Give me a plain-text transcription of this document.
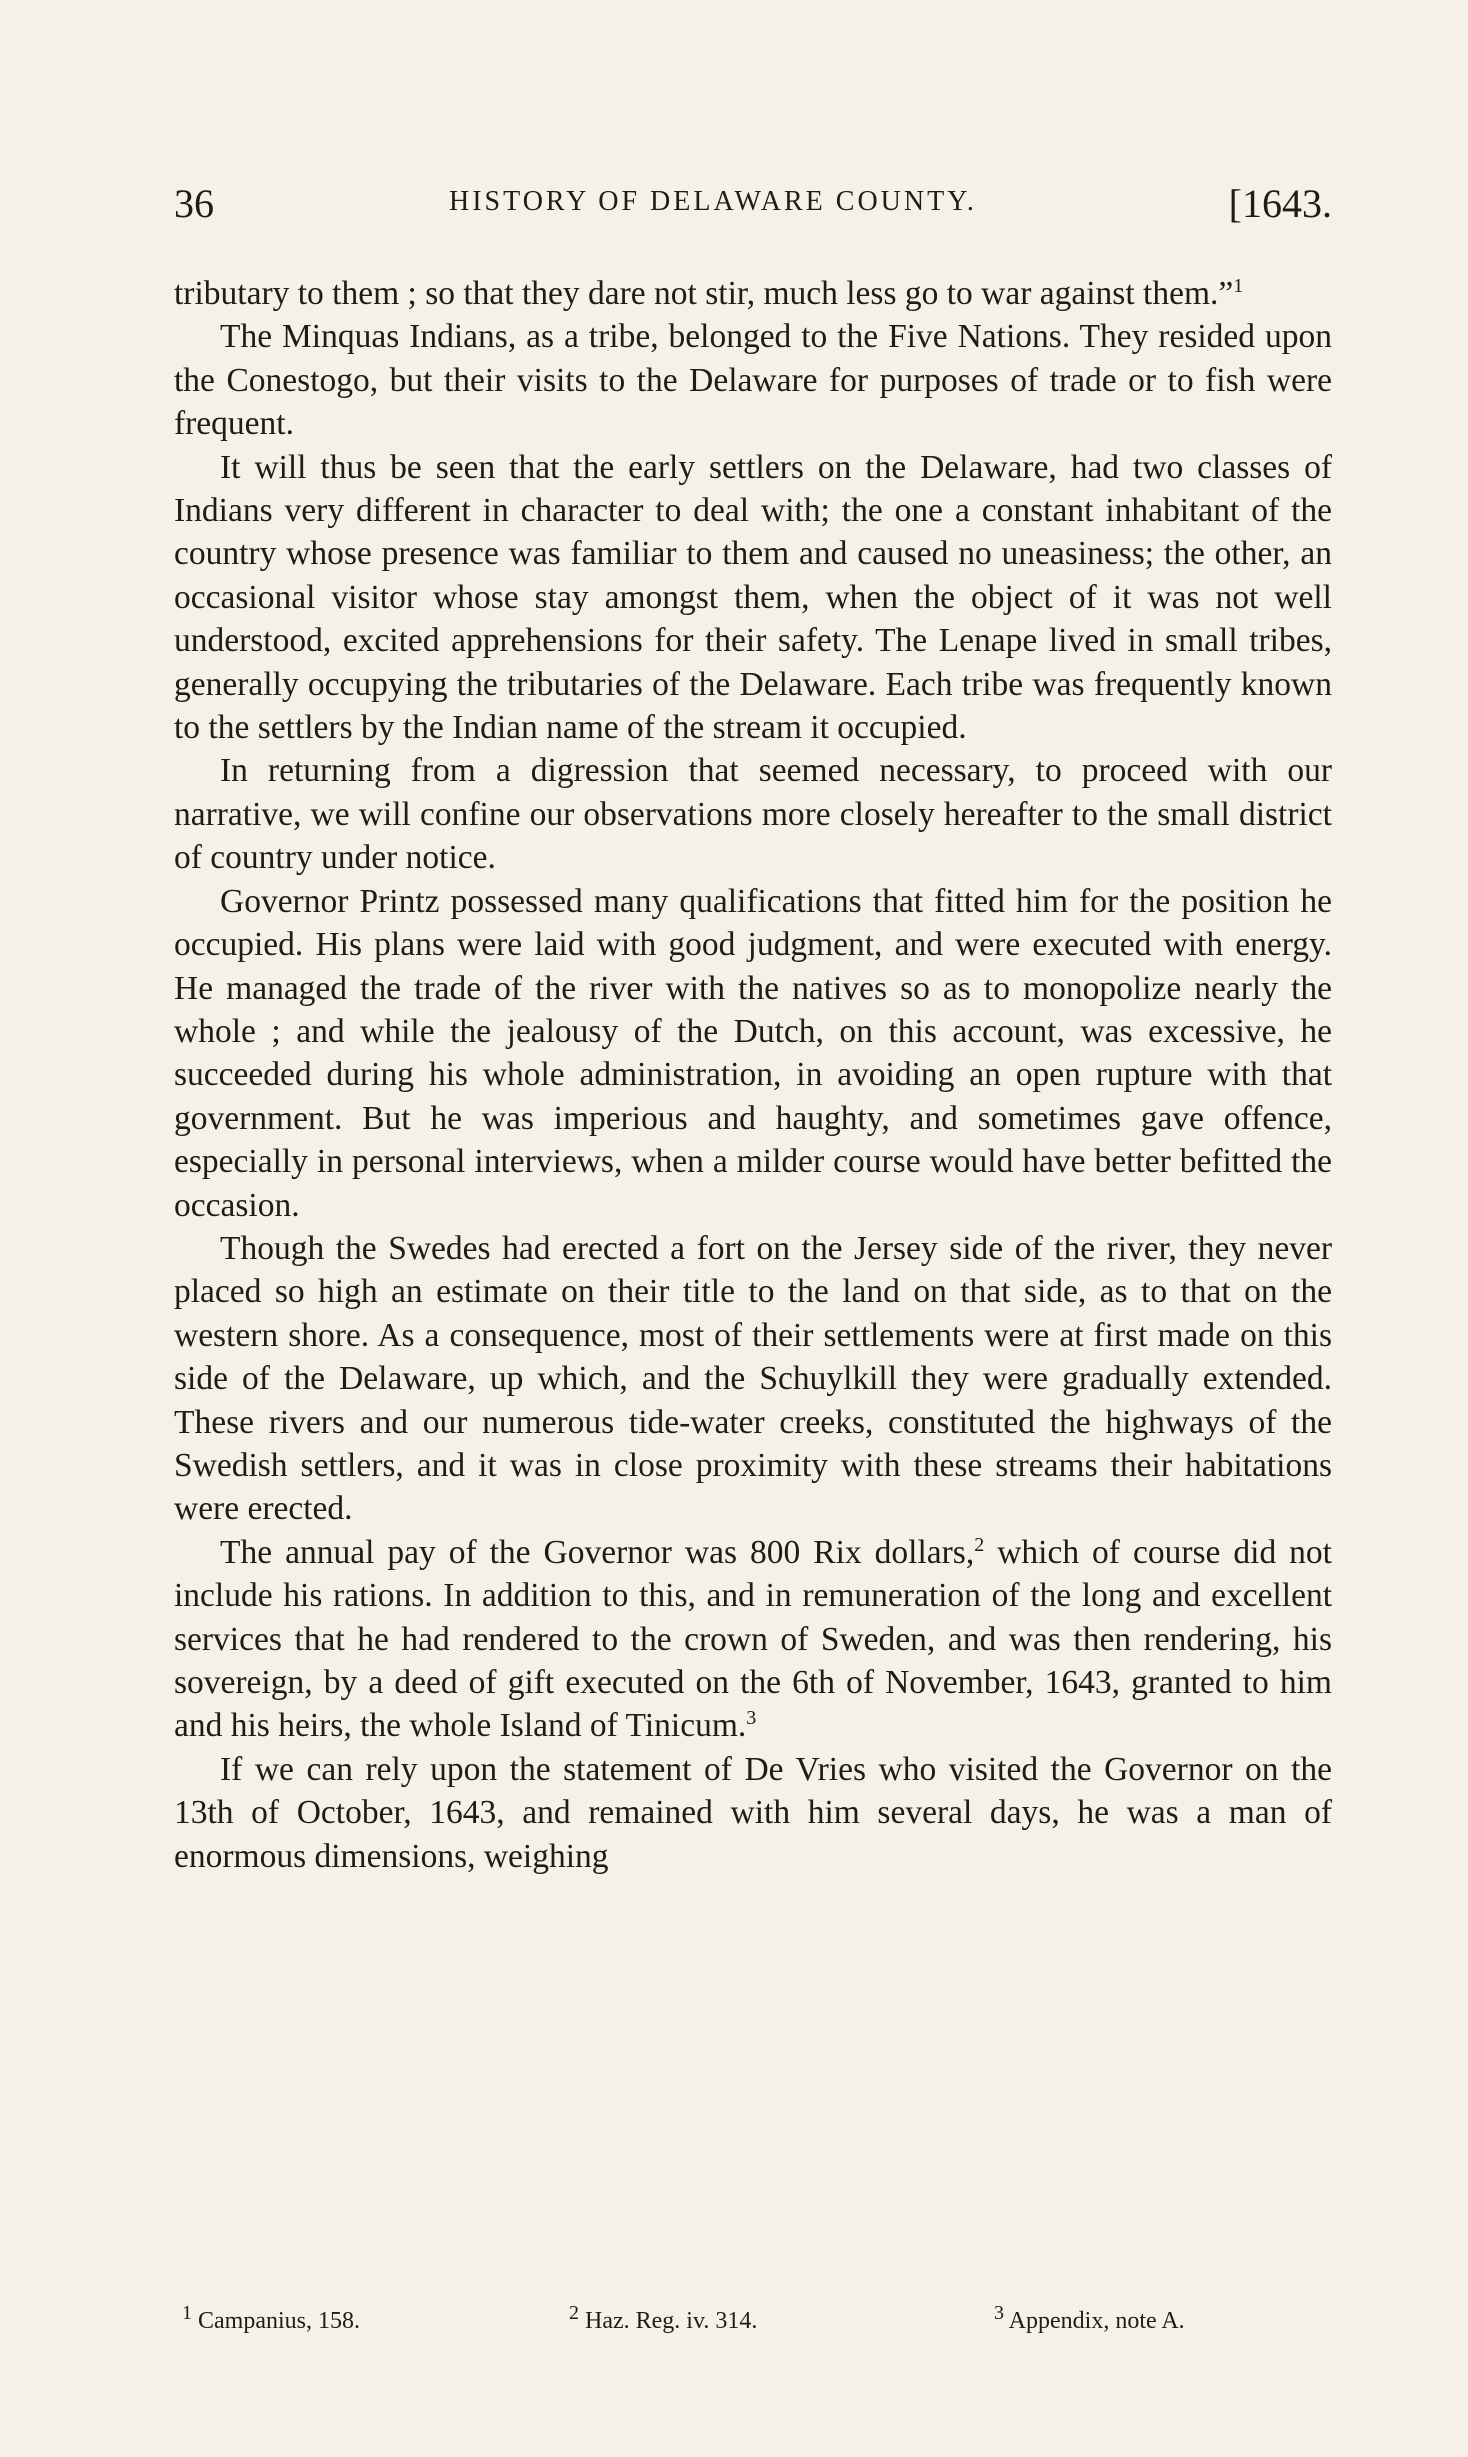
36	HISTORY OF DELAWARE COUNTY.	[1643.

tributary to them ; so that they dare not stir, much less go to war against them.”$^1$

The Minquas Indians, as a tribe, belonged to the Five Nations. They resided upon the Conestogo, but their visits to the Delaware for purposes of trade or to fish were frequent.

It will thus be seen that the early settlers on the Delaware, had two classes of Indians very different in character to deal with; the one a constant inhabitant of the country whose presence was familiar to them and caused no uneasiness; the other, an occasional visitor whose stay amongst them, when the object of it was not well understood, excited apprehensions for their safety. The Lenape lived in small tribes, generally occupying the tributaries of the Delaware. Each tribe was frequently known to the settlers by the Indian name of the stream it occupied.

In returning from a digression that seemed necessary, to proceed with our narrative, we will confine our observations more closely hereafter to the small district of country under notice.

Governor Printz possessed many qualifications that fitted him for the position he occupied. His plans were laid with good judgment, and were executed with energy. He managed the trade of the river with the natives so as to monopolize nearly the whole ; and while the jealousy of the Dutch, on this account, was excessive, he succeeded during his whole administration, in avoiding an open rupture with that government. But he was imperious and haughty, and sometimes gave offence, especially in personal interviews, when a milder course would have better befitted the occasion.

Though the Swedes had erected a fort on the Jersey side of the river, they never placed so high an estimate on their title to the land on that side, as to that on the western shore. As a consequence, most of their settlements were at first made on this side of the Delaware, up which, and the Schuylkill they were gradually extended. These rivers and our numerous tide-water creeks, constituted the highways of the Swedish settlers, and it was in close proximity with these streams their habitations were erected.

The annual pay of the Governor was 800 Rix dollars,$^2$ which of course did not include his rations. In addition to this, and in remuneration of the long and excellent services that he had rendered to the crown of Sweden, and was then rendering, his sovereign, by a deed of gift executed on the 6th of November, 1643, granted to him and his heirs, the whole Island of Tinicum.$^3$

If we can rely upon the statement of De Vries who visited the Governor on the 13th of October, 1643, and remained with him several days, he was a man of enormous dimensions, weighing

$^1$ Campanius, 158.	$^2$ Haz. Reg. iv. 314.	$^3$ Appendix, note A.
